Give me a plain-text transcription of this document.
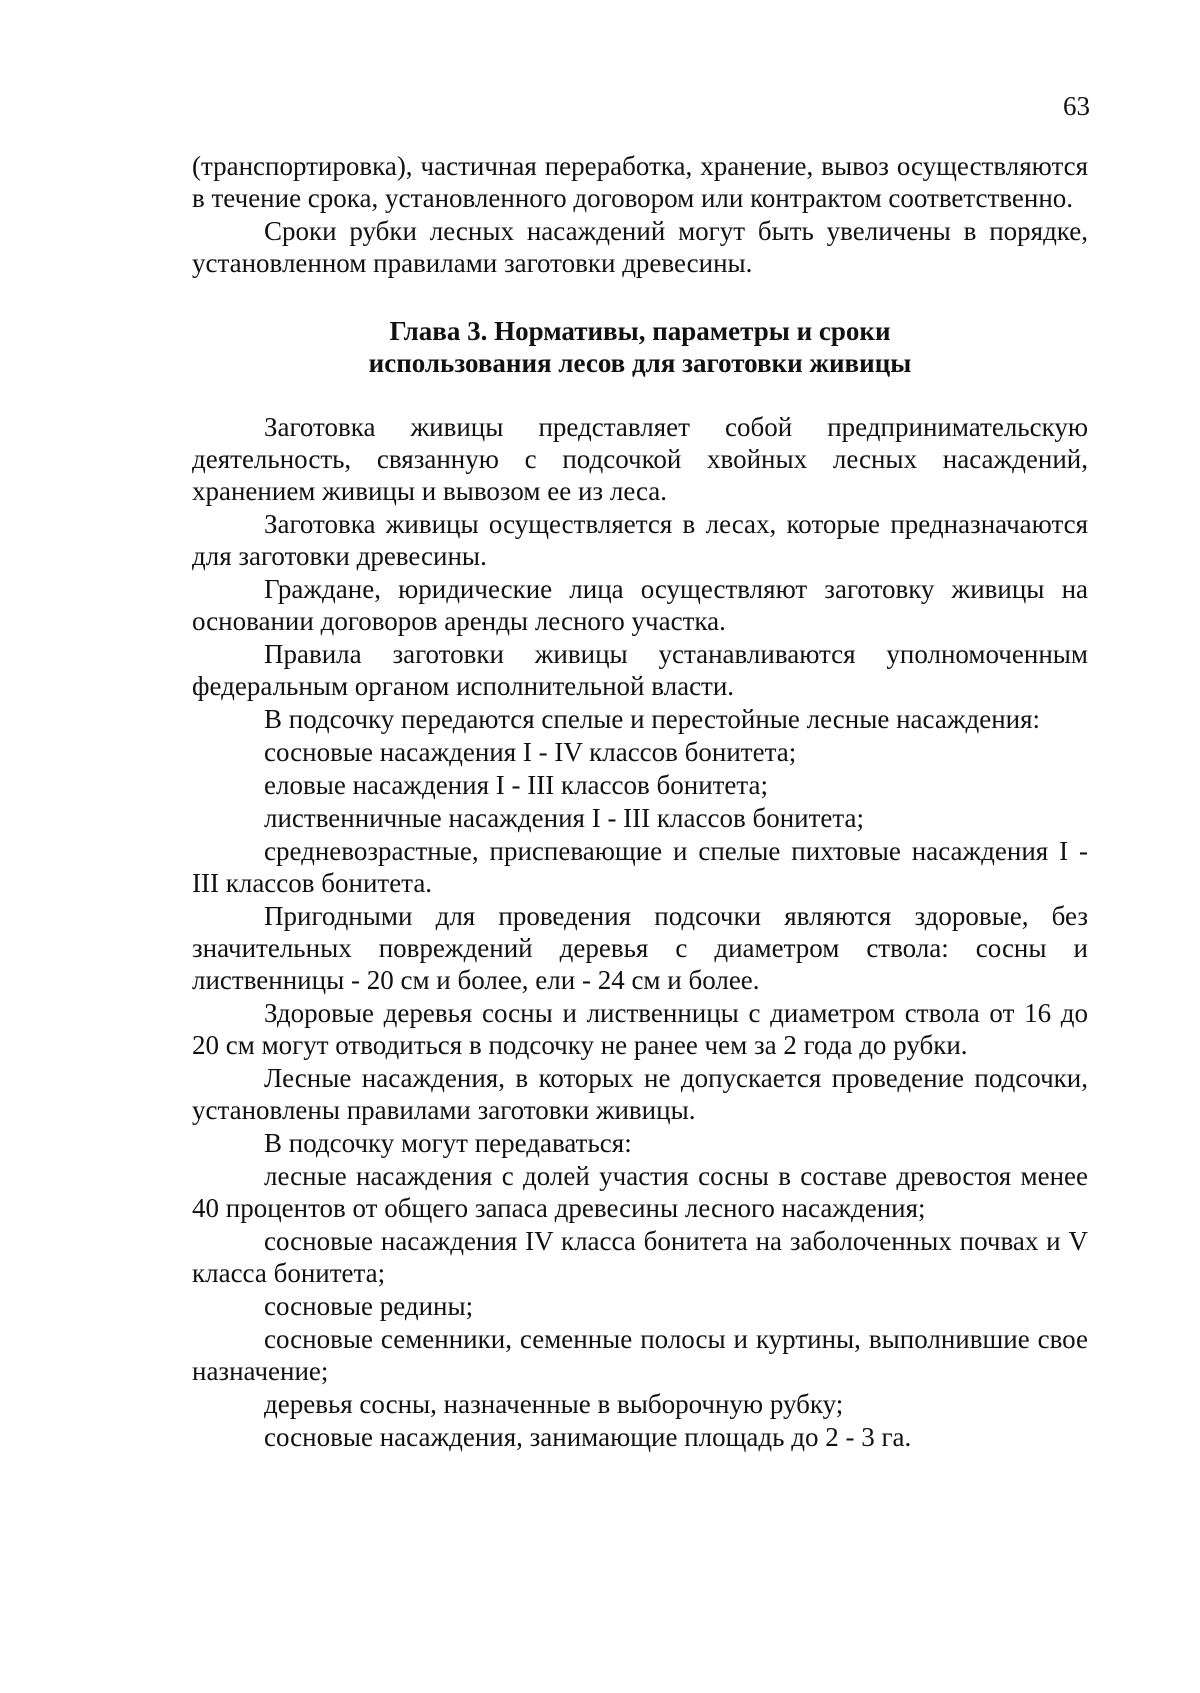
63

(транспортировка), частичная переработка, хранение, вывоз осуществляются в течение срока, установленного договором или контрактом соответственно.

Сроки рубки лесных насаждений могут быть увеличены в порядке, установленном правилами заготовки древесины.

Глава 3. Нормативы, параметры и сроки
использования лесов для заготовки живицы

Заготовка живицы представляет собой предпринимательскую деятельность, связанную с подсочкой хвойных лесных насаждений, хранением живицы и вывозом ее из леса.

Заготовка живицы осуществляется в лесах, которые предназначаются для заготовки древесины.

Граждане, юридические лица осуществляют заготовку живицы на основании договоров аренды лесного участка.

Правила заготовки живицы устанавливаются уполномоченным федеральным органом исполнительной власти.

В подсочку передаются спелые и перестойные лесные насаждения:

сосновые насаждения I - IV классов бонитета;

еловые насаждения I - III классов бонитета;

лиственничные насаждения I - III классов бонитета;

средневозрастные, приспевающие и спелые пихтовые насаждения I - III классов бонитета.

Пригодными для проведения подсочки являются здоровые, без значительных повреждений деревья с диаметром ствола: сосны и лиственницы - 20 см и более, ели - 24 см и более.

Здоровые деревья сосны и лиственницы с диаметром ствола от 16 до 20 см могут отводиться в подсочку не ранее чем за 2 года до рубки.

Лесные насаждения, в которых не допускается проведение подсочки, установлены правилами заготовки живицы.

В подсочку могут передаваться:

лесные насаждения с долей участия сосны в составе древостоя менее 40 процентов от общего запаса древесины лесного насаждения;

сосновые насаждения IV класса бонитета на заболоченных почвах и V класса бонитета;

сосновые редины;

сосновые семенники, семенные полосы и куртины, выполнившие свое назначение;

деревья сосны, назначенные в выборочную рубку;

сосновые насаждения, занимающие площадь до 2 - 3 га.
